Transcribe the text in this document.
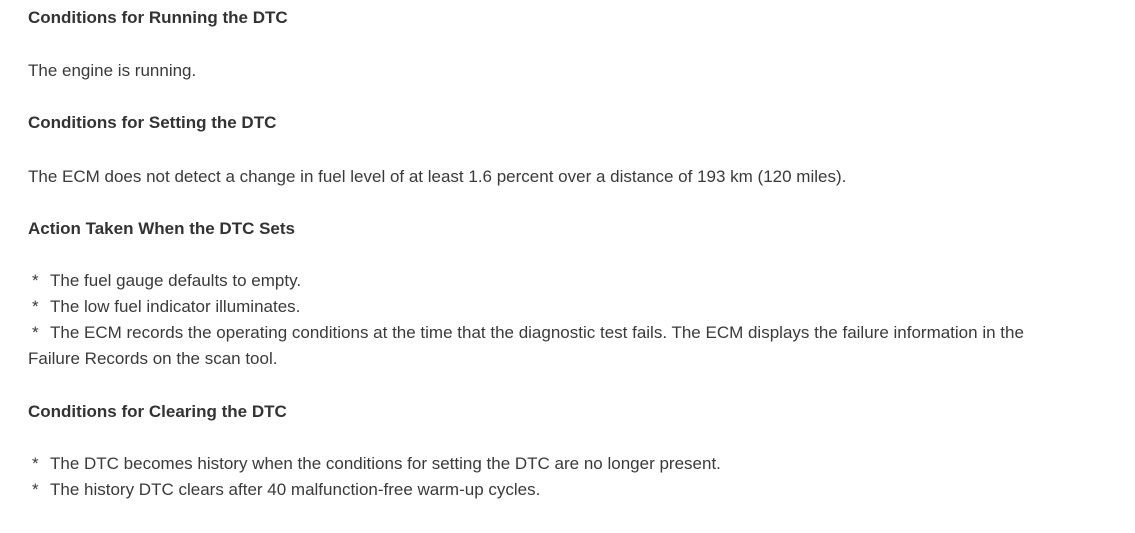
Conditions for Running the DTC

The engine is running.

Conditions for Setting the DTC

The ECM does not detect a change in fuel level of at least 1.6 percent over a distance of 193 km (120 miles).

Action Taken When the DTC Sets
* The fuel gauge defaults to empty.
* The low fuel indicator illuminates.
* The ECM records the operating conditions at the time that the diagnostic test fails. The ECM displays the failure information in the
Failure Records on the scan tool.
Conditions for Clearing the DTC
* The DTC becomes history when the conditions for setting the DTC are no longer present.
* The history DTC clears after 40 malfunction-free warm-up cycles.
